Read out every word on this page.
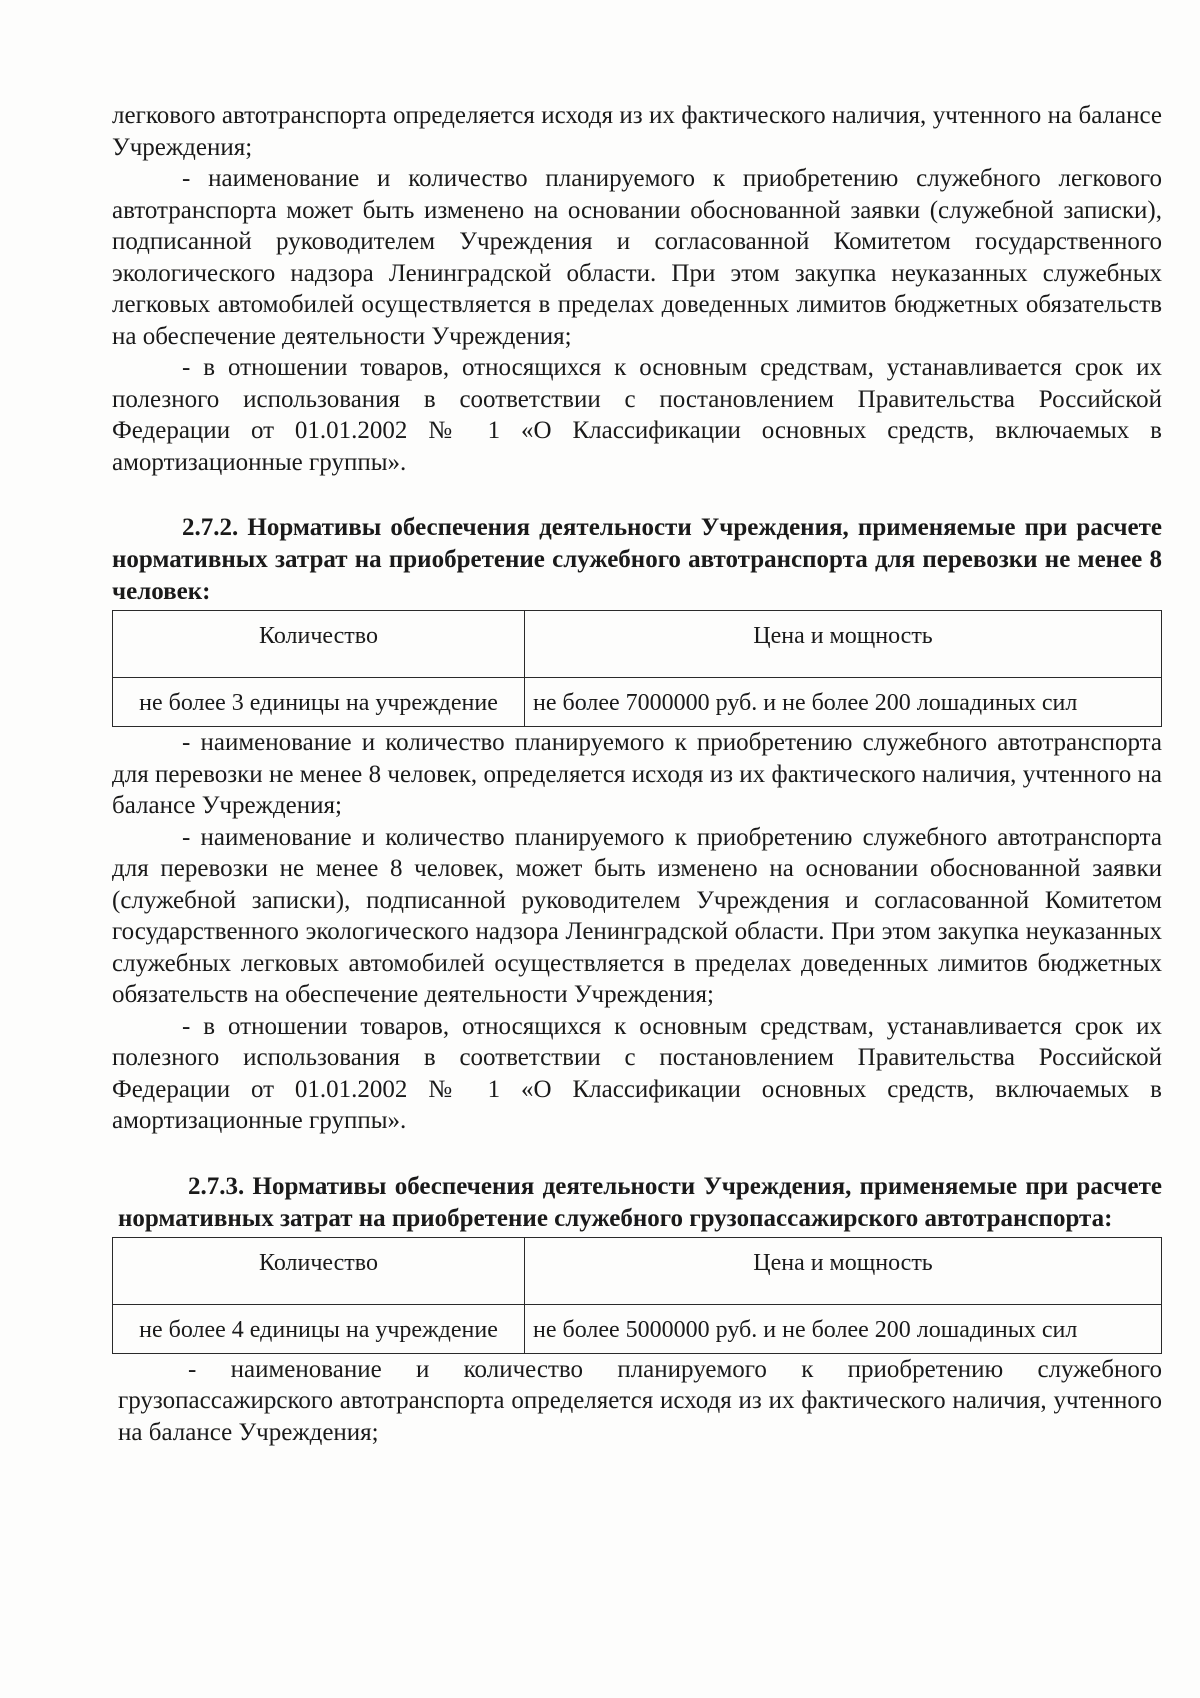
легкового автотранспорта определяется исходя из их фактического наличия, учтенного на балансе Учреждения;

- наименование и количество планируемого к приобретению служебного легкового автотранспорта может быть изменено на основании обоснованной заявки (служебной записки), подписанной руководителем Учреждения и согласованной Комитетом государственного экологического надзора Ленинградской области. При этом закупка неуказанных служебных легковых автомобилей осуществляется в пределах доведенных лимитов бюджетных обязательств на обеспечение деятельности Учреждения;

- в отношении товаров, относящихся к основным средствам, устанавливается срок их полезного использования в соответствии с постановлением Правительства Российской Федерации от 01.01.2002 № 1 «О Классификации основных средств, включаемых в амортизационные группы».

2.7.2. Нормативы обеспечения деятельности Учреждения, применяемые при расчете нормативных затрат на приобретение служебного автотранспорта для перевозки не менее 8 человек:

Количество	Цена и мощность
не более 3 единицы на учреждение	не более 7000000 руб. и не более 200 лошадиных сил

- наименование и количество планируемого к приобретению служебного автотранспорта для перевозки не менее 8 человек, определяется исходя из их фактического наличия, учтенного на балансе Учреждения;

- наименование и количество планируемого к приобретению служебного автотранспорта для перевозки не менее 8 человек, может быть изменено на основании обоснованной заявки (служебной записки), подписанной руководителем Учреждения и согласованной Комитетом государственного экологического надзора Ленинградской области. При этом закупка неуказанных служебных легковых автомобилей осуществляется в пределах доведенных лимитов бюджетных обязательств на обеспечение деятельности Учреждения;

- в отношении товаров, относящихся к основным средствам, устанавливается срок их полезного использования в соответствии с постановлением Правительства Российской Федерации от 01.01.2002 № 1 «О Классификации основных средств, включаемых в амортизационные группы».

2.7.3. Нормативы обеспечения деятельности Учреждения, применяемые при расчете нормативных затрат на приобретение служебного грузопассажирского автотранспорта:

Количество	Цена и мощность
не более 4 единицы на учреждение	не более 5000000 руб. и не более 200 лошадиных сил

- наименование и количество планируемого к приобретению служебного грузопассажирского автотранспорта определяется исходя из их фактического наличия, учтенного на балансе Учреждения;
